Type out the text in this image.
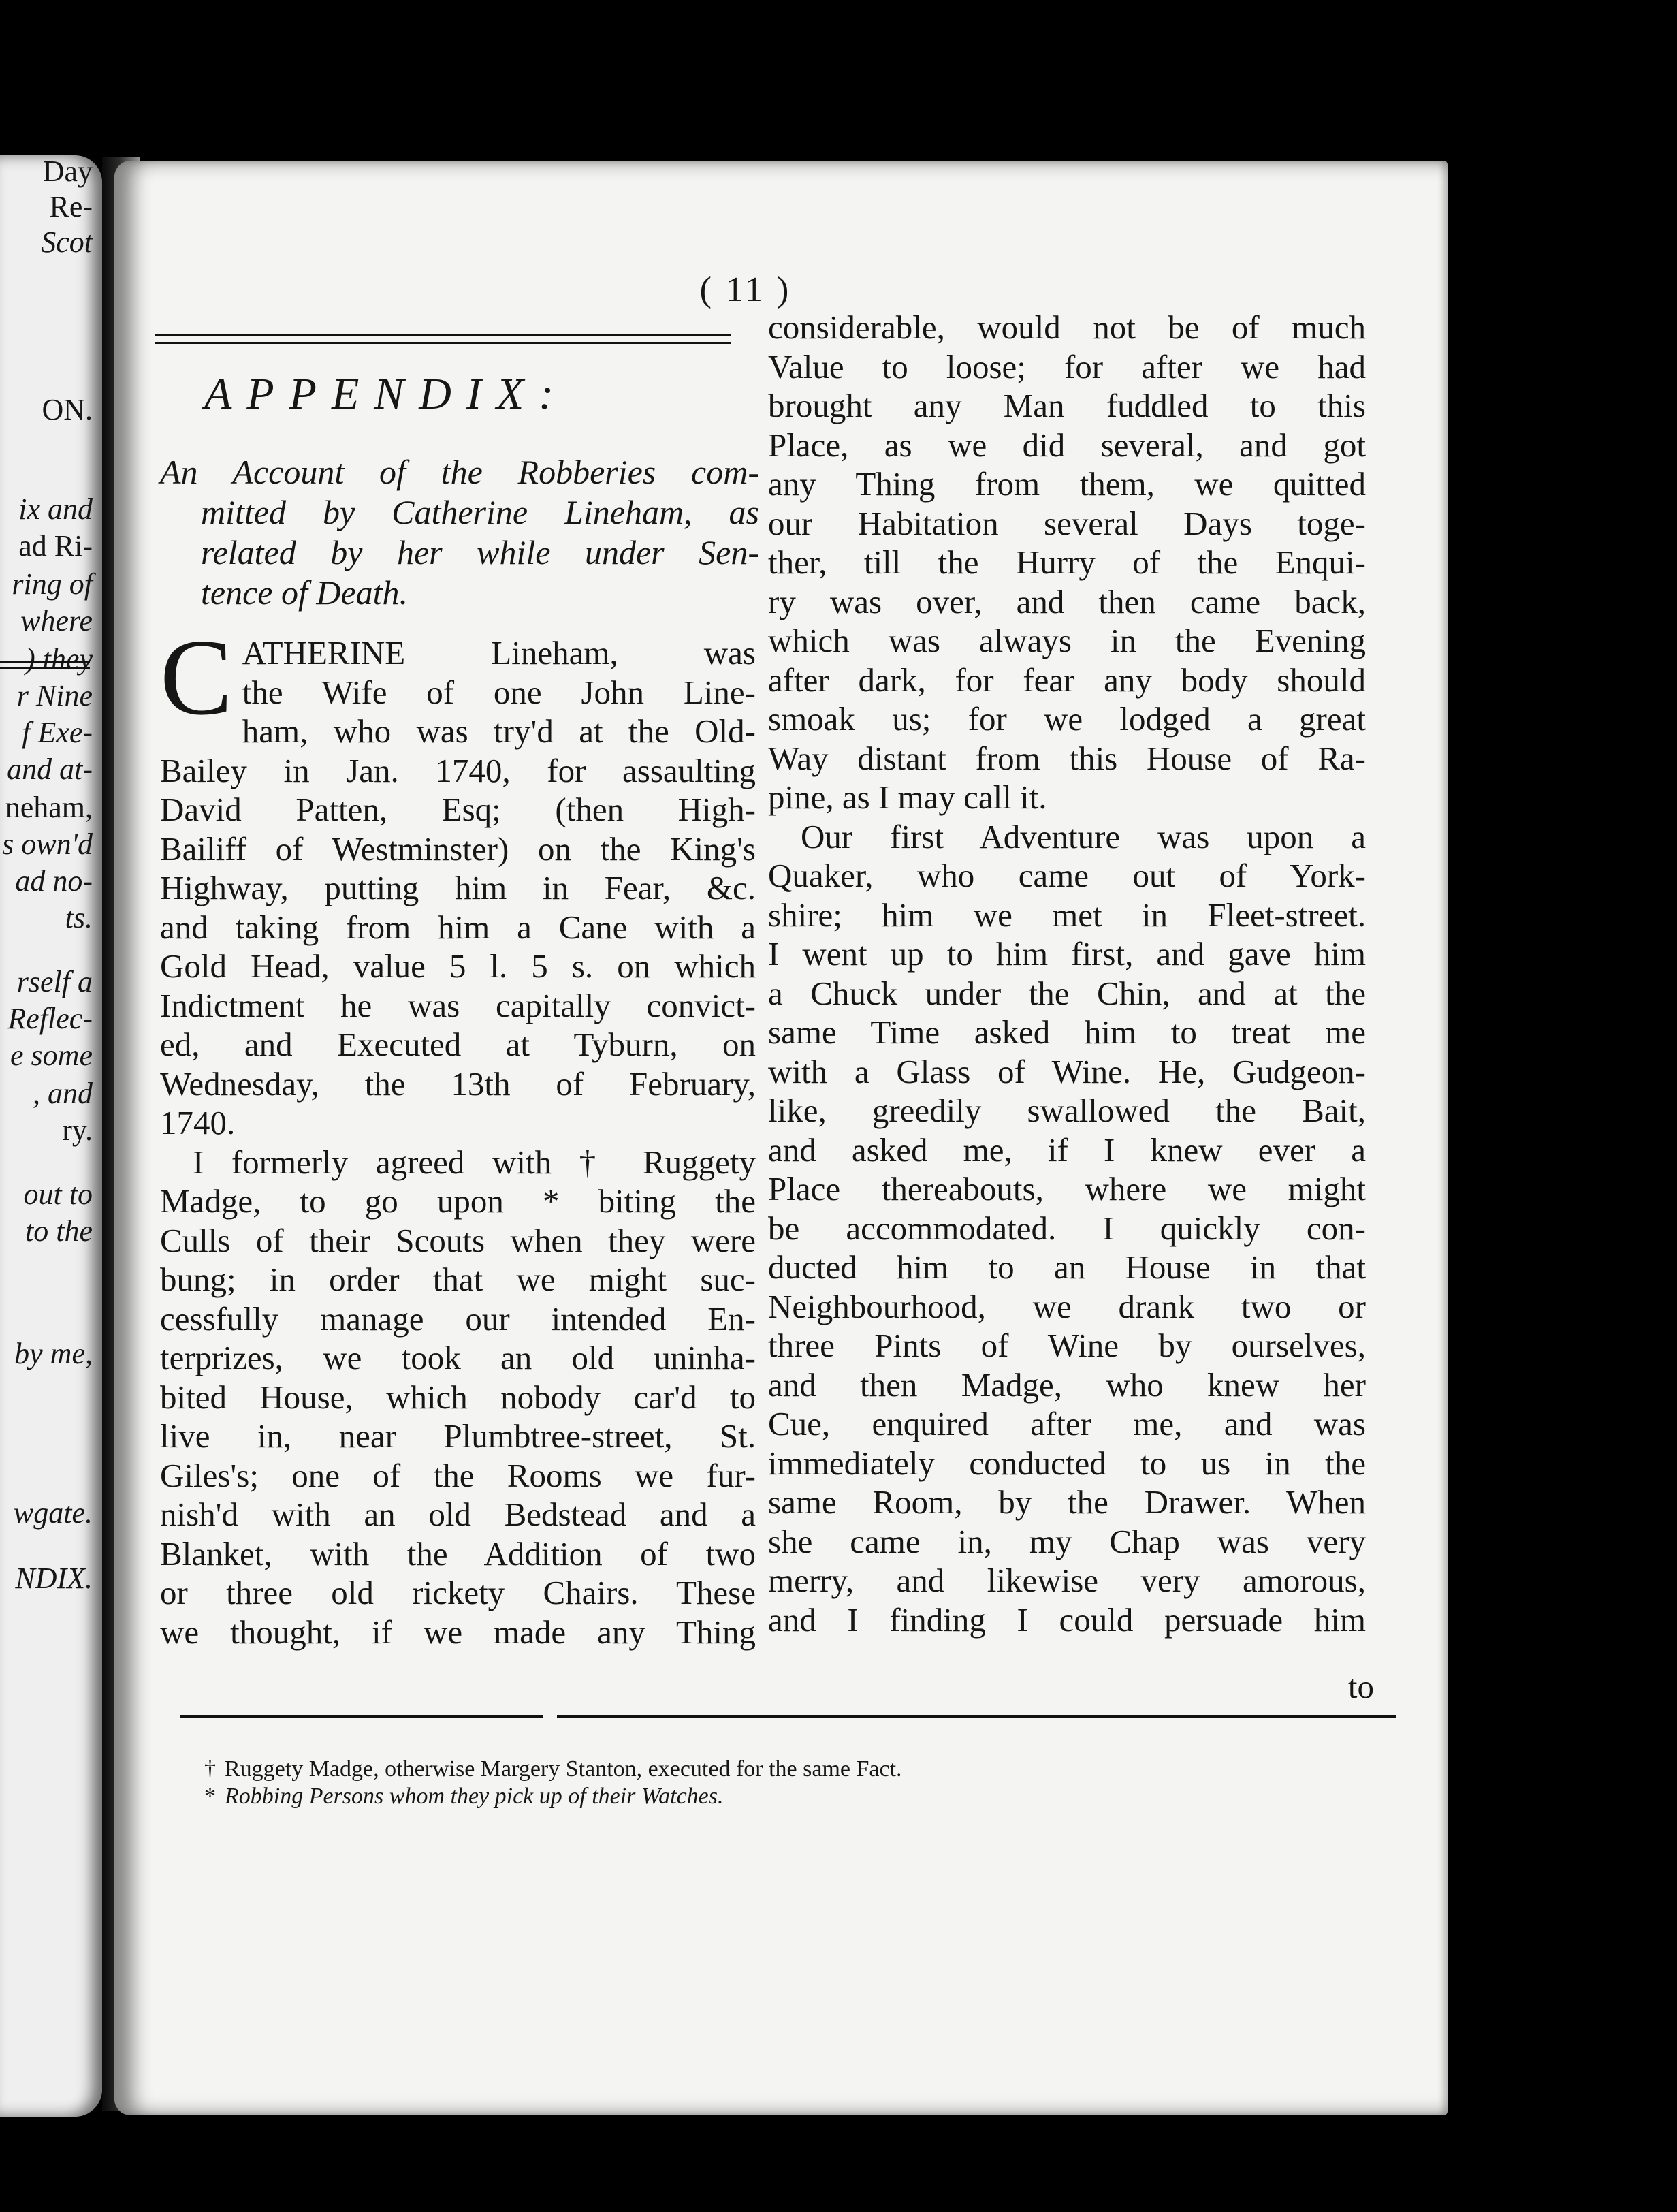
Day
Re-
Scot
ON.
ix and
ad Ri-
ring of
where
) they
r Nine
f Exe-
and at-
neham,
s own'd
ad no-
ts.
rself a
Reflec-
e some
, and
ry.
out to
to the
by me,
wgate.
NDIX.
( 11 )
APPENDIX:

An Account of the Robberies com-

mitted by Catherine Lineham, as

related by her while under Sen-

tence of Death.

C ATHERINE Lineham, was

the Wife of one John Line-

ham, who was try'd at the Old-

Bailey in Jan. 1740, for assaulting

David Patten, Esq; (then High-

Bailiff of Westminster) on the King's

Highway, putting him in Fear, &c.

and taking from him a Cane with a

Gold Head, value 5 l. 5 s. on which

Indictment he was capitally convict-

ed, and Executed at Tyburn, on

Wednesday, the 13th of February,

1740.

I formerly agreed with † Ruggety

Madge, to go upon * biting the

Culls of their Scouts when they were

bung; in order that we might suc-

cessfully manage our intended En-

terprizes, we took an old uninha-

bited House, which nobody car'd to

live in, near Plumbtree-street, St.

Giles's; one of the Rooms we fur-

nish'd with an old Bedstead and a

Blanket, with the Addition of two

or three old rickety Chairs. These

we thought, if we made any Thing

considerable, would not be of much

Value to loose; for after we had

brought any Man fuddled to this

Place, as we did several, and got

any Thing from them, we quitted

our Habitation several Days toge-

ther, till the Hurry of the Enqui-

ry was over, and then came back,

which was always in the Evening

after dark, for fear any body should

smoak us; for we lodged a great

Way distant from this House of Ra-

pine, as I may call it.

Our first Adventure was upon a

Quaker, who came out of York-

shire; him we met in Fleet-street.

I went up to him first, and gave him

a Chuck under the Chin, and at the

same Time asked him to treat me

with a Glass of Wine. He, Gudgeon-

like, greedily swallowed the Bait,

and asked me, if I knew ever a

Place thereabouts, where we might

be accommodated. I quickly con-

ducted him to an House in that

Neighbourhood, we drank two or

three Pints of Wine by ourselves,

and then Madge, who knew her

Cue, enquired after me, and was

immediately conducted to us in the

same Room, by the Drawer. When

she came in, my Chap was very

merry, and likewise very amorous,

and I finding I could persuade him

to
† Ruggety Madge, otherwise Margery Stanton, executed for the same Fact.
* Robbing Persons whom they pick up of their Watches.
